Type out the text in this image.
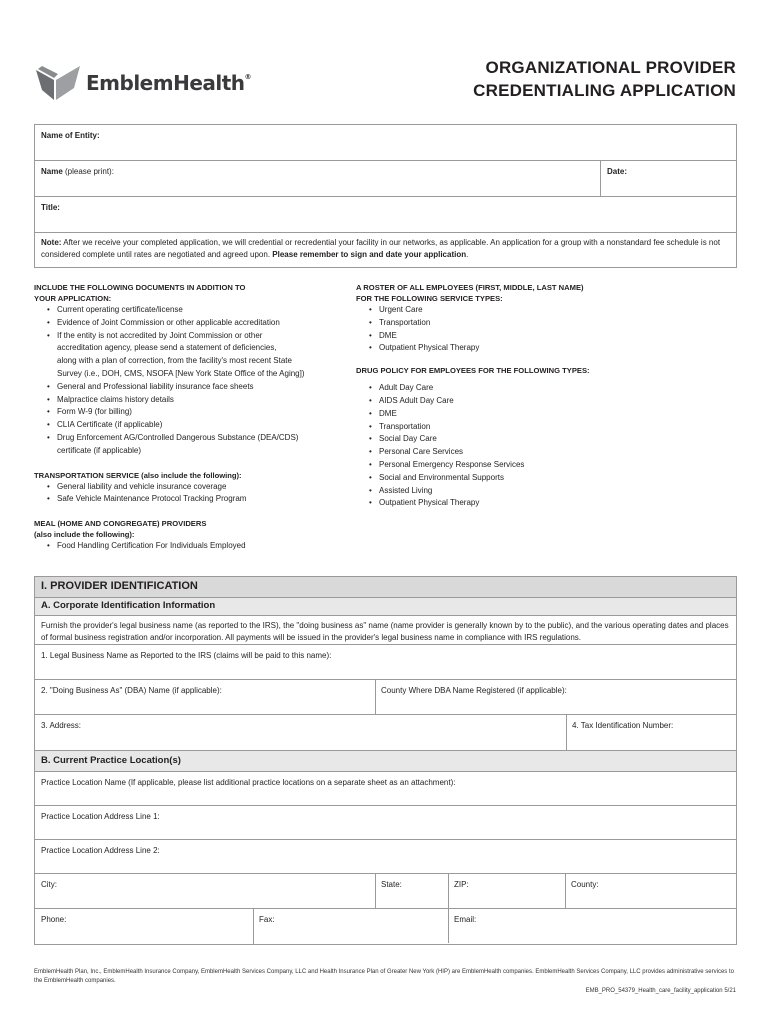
EmblemHealth®	ORGANIZATIONAL PROVIDER
CREDENTIALING APPLICATION
Name of Entity:
Name (please print):	Date:
Title:
Note: After we receive your completed application, we will credential or recredential your facility in our networks, as applicable. An application for a group with a nonstandard fee schedule is not considered complete until rates are negotiated and agreed upon. Please remember to sign and date your application.
INCLUDE THE FOLLOWING DOCUMENTS IN ADDITION TO
YOUR APPLICATION:
• Current operating certificate/license
• Evidence of Joint Commission or other applicable accreditation
• If the entity is not accredited by Joint Commission or other
accreditation agency, please send a statement of deficiencies,
along with a plan of correction, from the facility's most recent State
Survey (i.e., DOH, CMS, NSOFA [New York State Office of the Aging])
• General and Professional liability insurance face sheets
• Malpractice claims history details
• Form W-9 (for billing)
• CLIA Certificate (if applicable)
• Drug Enforcement AG/Controlled Dangerous Substance (DEA/CDS)
certificate (if applicable)
TRANSPORTATION SERVICE (also include the following):
• General liability and vehicle insurance coverage
• Safe Vehicle Maintenance Protocol Tracking Program
MEAL (HOME AND CONGREGATE) PROVIDERS
(also include the following):
• Food Handling Certification For Individuals Employed
A ROSTER OF ALL EMPLOYEES (FIRST, MIDDLE, LAST NAME)
FOR THE FOLLOWING SERVICE TYPES:
• Urgent Care
• Transportation
• DME
• Outpatient Physical Therapy
DRUG POLICY FOR EMPLOYEES FOR THE FOLLOWING TYPES:
• Adult Day Care
• AIDS Adult Day Care
• DME
• Transportation
• Social Day Care
• Personal Care Services
• Personal Emergency Response Services
• Social and Environmental Supports
• Assisted Living
• Outpatient Physical Therapy
I. PROVIDER IDENTIFICATION
A. Corporate Identification Information
Furnish the provider's legal business name (as reported to the IRS), the "doing business as" name (name provider is generally known by to the public), and the various operating dates and places of formal business registration and/or incorporation. All payments will be issued in the provider's legal business name in compliance with IRS regulations.
1. Legal Business Name as Reported to the IRS (claims will be paid to this name):
2. "Doing Business As" (DBA) Name (if applicable):	County Where DBA Name Registered (if applicable):
3. Address:	4. Tax Identification Number:
B. Current Practice Location(s)
Practice Location Name (If applicable, please list additional practice locations on a separate sheet as an attachment):
Practice Location Address Line 1:
Practice Location Address Line 2:
City:	State:	ZIP:	County:
Phone:	Fax:	Email:
EmblemHealth Plan, Inc., EmblemHealth Insurance Company, EmblemHealth Services Company, LLC and Health Insurance Plan of Greater New York (HIP) are EmblemHealth companies. EmblemHealth Services Company, LLC provides administrative services to the EmblemHealth companies.
EMB_PRO_54379_Health_care_facility_application 5/21
